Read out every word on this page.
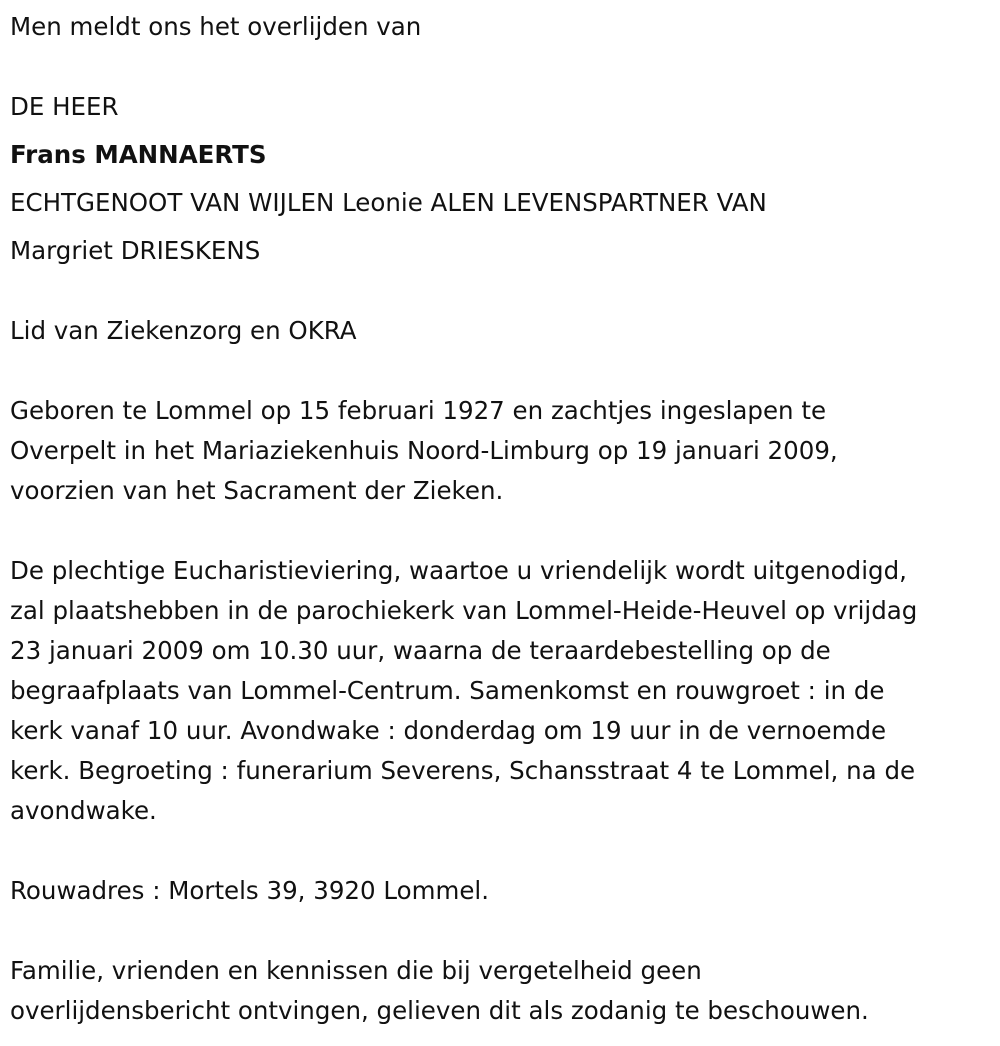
Men meldt ons het overlijden van

DE HEER

Frans MANNAERTS

ECHTGENOOT VAN WIJLEN Leonie ALEN LEVENSPARTNER VAN

Margriet DRIESKENS

Lid van Ziekenzorg en OKRA

Geboren te Lommel op 15 februari 1927 en zachtjes ingeslapen te
Overpelt in het Mariaziekenhuis Noord-Limburg op 19 januari 2009,
voorzien van het Sacrament der Zieken.

De plechtige Eucharistieviering, waartoe u vriendelijk wordt uitgenodigd,
zal plaatshebben in de parochiekerk van Lommel-Heide-Heuvel op vrijdag
23 januari 2009 om 10.30 uur, waarna de teraardebestelling op de
begraafplaats van Lommel-Centrum. Samenkomst en rouwgroet : in de
kerk vanaf 10 uur. Avondwake : donderdag om 19 uur in de vernoemde
kerk. Begroeting : funerarium Severens, Schansstraat 4 te Lommel, na de
avondwake.

Rouwadres : Mortels 39, 3920 Lommel.

Familie, vrienden en kennissen die bij vergetelheid geen
overlijdensbericht ontvingen, gelieven dit als zodanig te beschouwen.
